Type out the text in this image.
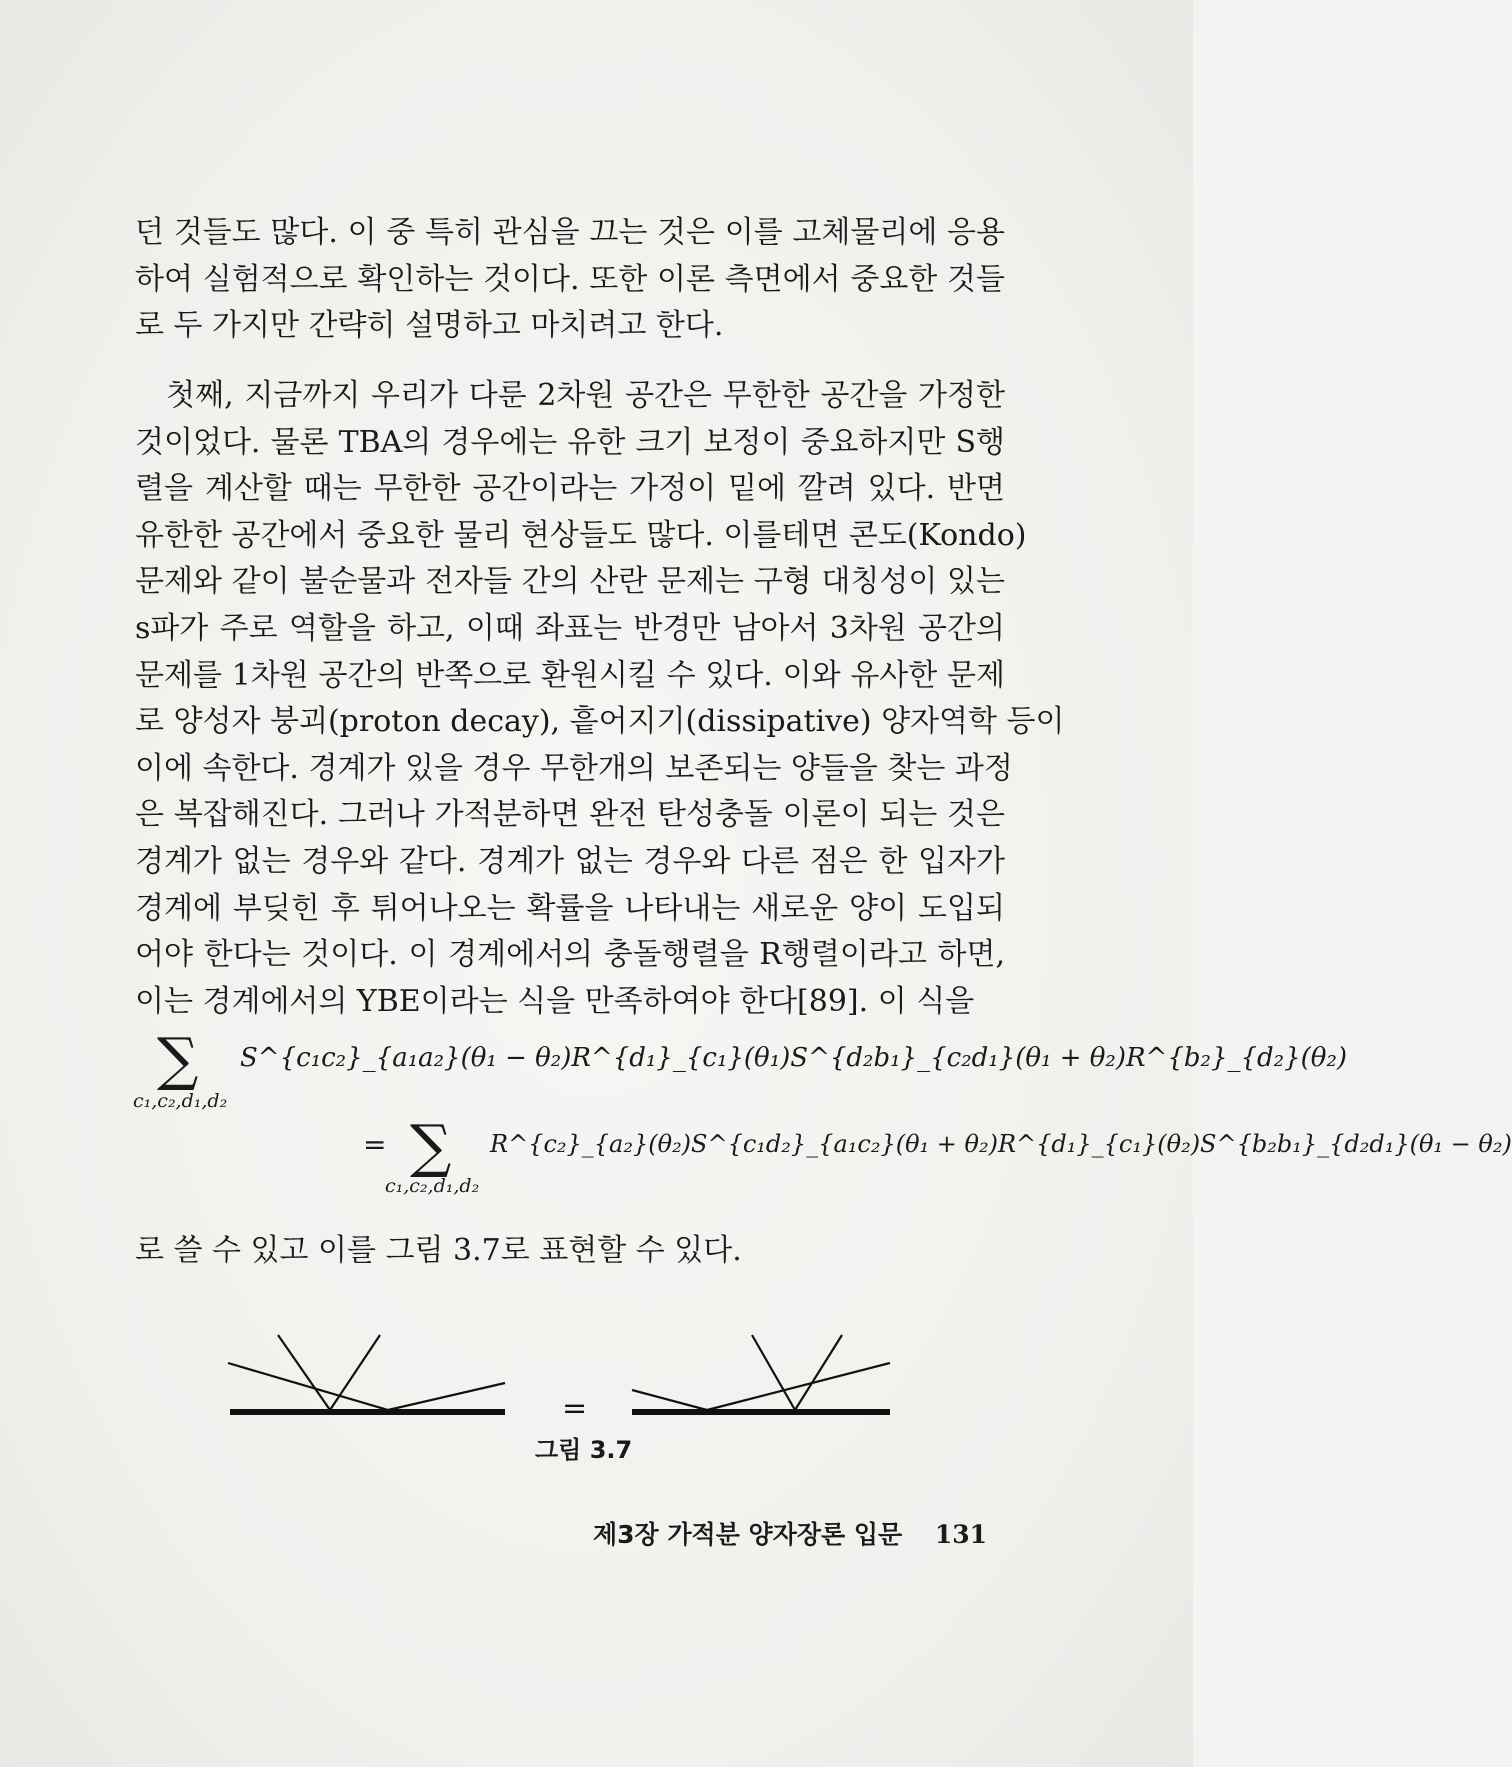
던 것들도 많다. 이 중 특히 관심을 끄는 것은 이를 고체물리에 응용
하여 실험적으로 확인하는 것이다. 또한 이론 측면에서 중요한 것들
로 두 가지만 간략히 설명하고 마치려고 한다.
　첫째, 지금까지 우리가 다룬 2차원 공간은 무한한 공간을 가정한
것이었다. 물론 TBA의 경우에는 유한 크기 보정이 중요하지만 S행
렬을 계산할 때는 무한한 공간이라는 가정이 밑에 깔려 있다. 반면
유한한 공간에서 중요한 물리 현상들도 많다. 이를테면 콘도(Kondo)
문제와 같이 불순물과 전자들 간의 산란 문제는 구형 대칭성이 있는
s파가 주로 역할을 하고, 이때 좌표는 반경만 남아서 3차원 공간의
문제를 1차원 공간의 반쪽으로 환원시킬 수 있다. 이와 유사한 문제
로 양성자 붕괴(proton decay), 흩어지기(dissipative) 양자역학 등이
이에 속한다. 경계가 있을 경우 무한개의 보존되는 양들을 찾는 과정
은 복잡해진다. 그러나 가적분하면 완전 탄성충돌 이론이 되는 것은
경계가 없는 경우와 같다. 경계가 없는 경우와 다른 점은 한 입자가
경계에 부딪힌 후 튀어나오는 확률을 나타내는 새로운 양이 도입되
어야 한다는 것이다. 이 경계에서의 충돌행렬을 R행렬이라고 하면,
이는 경계에서의 YBE이라는 식을 만족하여야 한다[89]. 이 식을
∑
c₁,c₂,d₁,d₂
S^{c₁c₂}_{a₁a₂}(θ₁ − θ₂)R^{d₁}_{c₁}(θ₁)S^{d₂b₁}_{c₂d₁}(θ₁ + θ₂)R^{b₂}_{d₂}(θ₂)
= ∑
c₁,c₂,d₁,d₂
R^{c₂}_{a₂}(θ₂)S^{c₁d₂}_{a₁c₂}(θ₁ + θ₂)R^{d₁}_{c₁}(θ₂)S^{b₂b₁}_{d₂d₁}(θ₁ − θ₂)
로 쓸 수 있고 이를 그림 3.7로 표현할 수 있다.
=
그림 3.7
제3장 가적분 양자장론 입문 131
